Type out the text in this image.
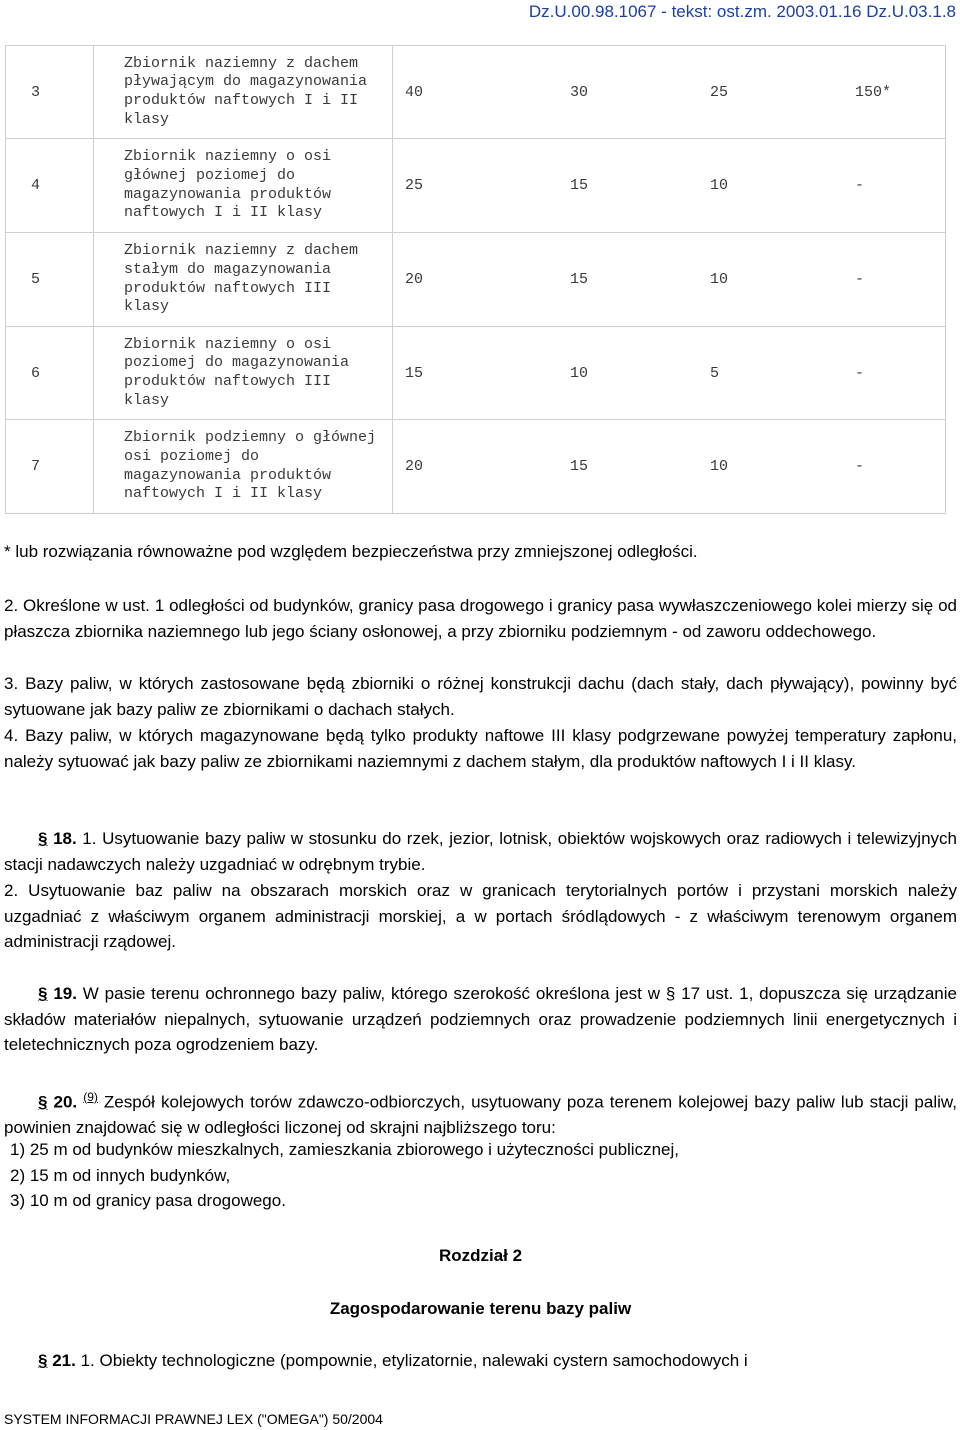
Dz.U.00.98.1067 - tekst: ost.zm. 2003.01.16 Dz.U.03.1.8
3	Zbiornik naziemny z dachem pływającym do magazynowania produktów naftowych I i II klasy	40 30 25 150*
4	Zbiornik naziemny o osi głównej poziomej do magazynowania produktów naftowych I i II klasy	25 15 10 -
5	Zbiornik naziemny z dachem stałym do magazynowania produktów naftowych III klasy	20 15 10 -
6	Zbiornik naziemny o osi poziomej do magazynowania produktów naftowych III klasy	15 10 5 -
7	Zbiornik podziemny o głównej osi poziomej do magazynowania produktów naftowych I i II klasy	20 15 10 -
* lub rozwiązania równoważne pod względem bezpieczeństwa przy zmniejszonej odległości.
2. Określone w ust. 1 odległości od budynków, granicy pasa drogowego i granicy pasa wywłaszczeniowego kolei mierzy się od płaszcza zbiornika naziemnego lub jego ściany osłonowej, a przy zbiorniku podziemnym - od zaworu oddechowego.
3. Bazy paliw, w których zastosowane będą zbiorniki o różnej konstrukcji dachu (dach stały, dach pływający), powinny być sytuowane jak bazy paliw ze zbiornikami o dachach stałych.
4. Bazy paliw, w których magazynowane będą tylko produkty naftowe III klasy podgrzewane powyżej temperatury zapłonu, należy sytuować jak bazy paliw ze zbiornikami naziemnymi z dachem stałym, dla produktów naftowych I i II klasy.
§ 18. 1. Usytuowanie bazy paliw w stosunku do rzek, jezior, lotnisk, obiektów wojskowych oraz radiowych i telewizyjnych stacji nadawczych należy uzgadniać w odrębnym trybie.
2. Usytuowanie baz paliw na obszarach morskich oraz w granicach terytorialnych portów i przystani morskich należy uzgadniać z właściwym organem administracji morskiej, a w portach śródlądowych - z właściwym terenowym organem administracji rządowej.
§ 19. W pasie terenu ochronnego bazy paliw, którego szerokość określona jest w § 17 ust. 1, dopuszcza się urządzanie składów materiałów niepalnych, sytuowanie urządzeń podziemnych oraz prowadzenie podziemnych linii energetycznych i teletechnicznych poza ogrodzeniem bazy.
§ 20. $^{(9)}$ Zespół kolejowych torów zdawczo-odbiorczych, usytuowany poza terenem kolejowej bazy paliw lub stacji paliw, powinien znajdować się w odległości liczonej od skrajni najbliższego toru:
1) 25 m od budynków mieszkalnych, zamieszkania zbiorowego i użyteczności publicznej,
2) 15 m od innych budynków,
3) 10 m od granicy pasa drogowego.
Rozdział 2
Zagospodarowanie terenu bazy paliw
§ 21. 1. Obiekty technologiczne (pompownie, etylizatornie, nalewaki cystern samochodowych i
SYSTEM INFORMACJI PRAWNEJ LEX ("OMEGA") 50/2004
